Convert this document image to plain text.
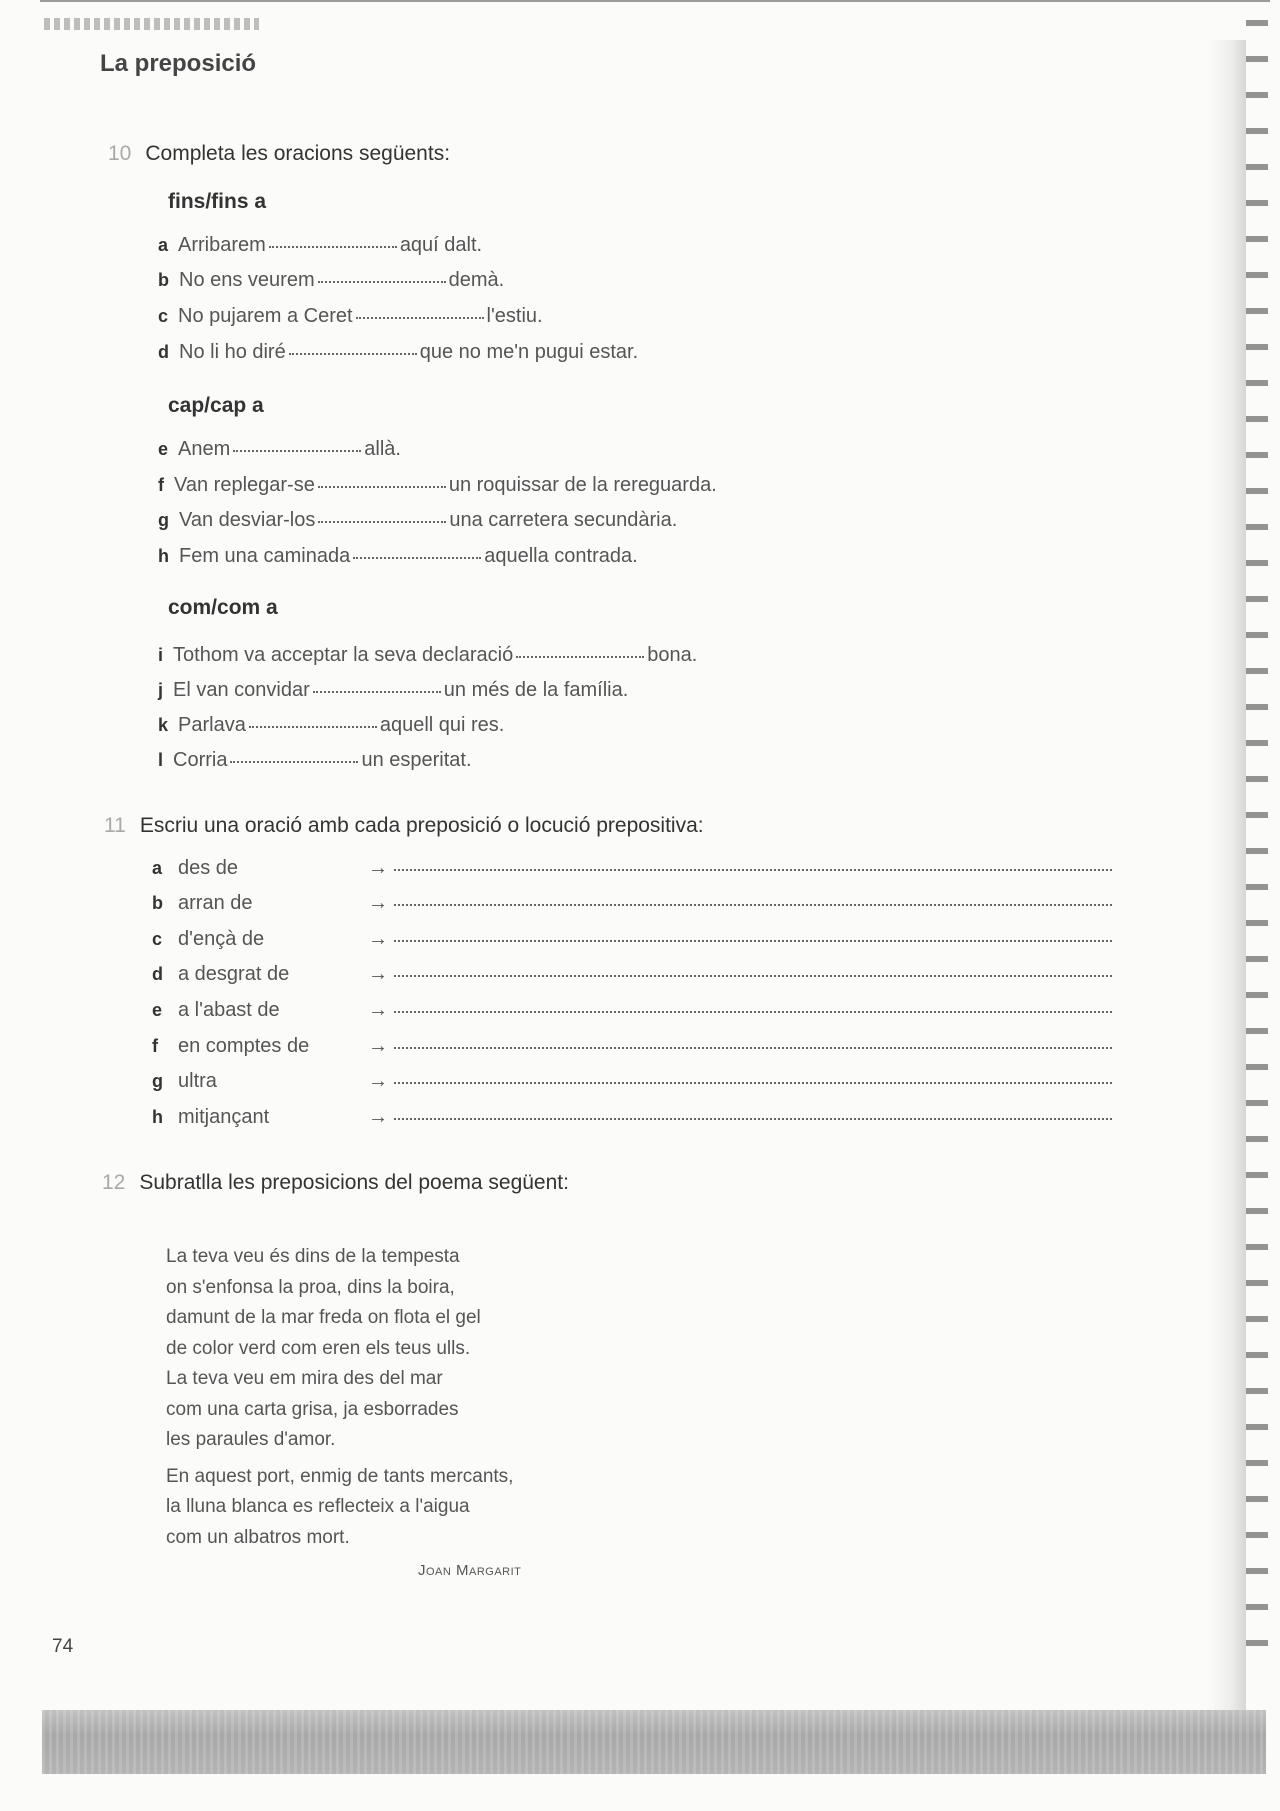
La preposició
10 Completa les oracions següents:
fins/fins a
a Arribarem	aquí dalt.
b No ens veurem	demà.
c No pujarem a Ceret	l'estiu.
d No li ho diré	que no me'n pugui estar.
cap/cap a
e Anem	allà.
f Van replegar-se	un roquissar de la rereguarda.
g Van desviar-los	una carretera secundària.
h Fem una caminada	aquella contrada.
com/com a
i Tothom va acceptar la seva declaració	bona.
j El van convidar	un més de la família.
k Parlava	aquell qui res.
l Corria	un esperitat.
11 Escriu una oració amb cada preposició o locució prepositiva:
a des de	→
b arran de	→
c d'ençà de	→
d a desgrat de	→
e a l'abast de	→
f	en comptes de	→
g ultra	→
h mitjançant	→
12 Subratlla les preposicions del poema següent:

La teva veu és dins de la tempesta
on s'enfonsa la proa, dins la boira,
damunt de la mar freda on flota el gel
de color verd com eren els teus ulls.
La teva veu em mira des del mar
com una carta grisa, ja esborrades
les paraules d'amor.

En aquest port, enmig de tants mercants,
la lluna blanca es reflecteix a l'aigua
com un albatros mort.

Joan Margarit
74
